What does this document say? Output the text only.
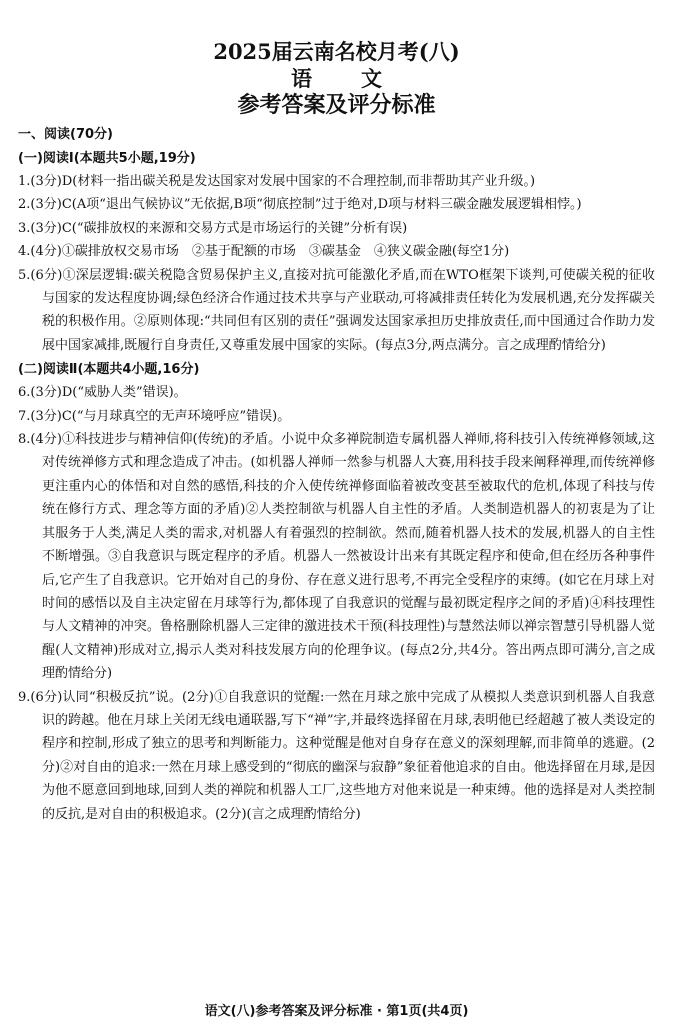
2025届云南名校月考(八)
语　文
参考答案及评分标准

一、阅读(70分)

(一)阅读Ⅰ(本题共5小题,19分)

1.(3分)D(材料一指出碳关税是发达国家对发展中国家的不合理控制,而非帮助其产业升级。)

2.(3分)C(A项“退出气候协议”无依据,B项“彻底控制”过于绝对,D项与材料三碳金融发展逻辑相悖。)

3.(3分)C(“碳排放权的来源和交易方式是市场运行的关键”分析有误)

4.(4分)①碳排放权交易市场　②基于配额的市场　③碳基金　④狭义碳金融(每空1分)

5.(6分)①深层逻辑:碳关税隐含贸易保护主义,直接对抗可能激化矛盾,而在WTO框架下谈判,可使碳关税的征收与国家的发达程度协调;绿色经济合作通过技术共享与产业联动,可将减排责任转化为发展机遇,充分发挥碳关税的积极作用。②原则体现:“共同但有区别的责任”强调发达国家承担历史排放责任,而中国通过合作助力发展中国家减排,既履行自身责任,又尊重发展中国家的实际。(每点3分,两点满分。言之成理酌情给分)

(二)阅读Ⅱ(本题共4小题,16分)

6.(3分)D(“威胁人类”错误)。

7.(3分)C(“与月球真空的无声环境呼应”错误)。

8.(4分)①科技进步与精神信仰(传统)的矛盾。小说中众多禅院制造专属机器人禅师,将科技引入传统禅修领域,这对传统禅修方式和理念造成了冲击。(如机器人禅师一然参与机器人大赛,用科技手段来阐释禅理,而传统禅修更注重内心的体悟和对自然的感悟,科技的介入使传统禅修面临着被改变甚至被取代的危机,体现了科技与传统在修行方式、理念等方面的矛盾)②人类控制欲与机器人自主性的矛盾。人类制造机器人的初衷是为了让其服务于人类,满足人类的需求,对机器人有着强烈的控制欲。然而,随着机器人技术的发展,机器人的自主性不断增强。③自我意识与既定程序的矛盾。机器人一然被设计出来有其既定程序和使命,但在经历各种事件后,它产生了自我意识。它开始对自己的身份、存在意义进行思考,不再完全受程序的束缚。(如它在月球上对时间的感悟以及自主决定留在月球等行为,都体现了自我意识的觉醒与最初既定程序之间的矛盾)④科技理性与人文精神的冲突。鲁格删除机器人三定律的激进技术干预(科技理性)与慧然法师以禅宗智慧引导机器人觉醒(人文精神)形成对立,揭示人类对科技发展方向的伦理争议。(每点2分,共4分。答出两点即可满分,言之成理酌情给分)

9.(6分)认同“积极反抗”说。(2分)①自我意识的觉醒:一然在月球之旅中完成了从模拟人类意识到机器人自我意识的跨越。他在月球上关闭无线电通联器,写下“禅”字,并最终选择留在月球,表明他已经超越了被人类设定的程序和控制,形成了独立的思考和判断能力。这种觉醒是他对自身存在意义的深刻理解,而非简单的逃避。(2分)②对自由的追求:一然在月球上感受到的“彻底的幽深与寂静”象征着他追求的自由。他选择留在月球,是因为他不愿意回到地球,回到人类的禅院和机器人工厂,这些地方对他来说是一种束缚。他的选择是对人类控制的反抗,是对自由的积极追求。(2分)(言之成理酌情给分)

语文(八)参考答案及评分标准 · 第1页(共4页)
